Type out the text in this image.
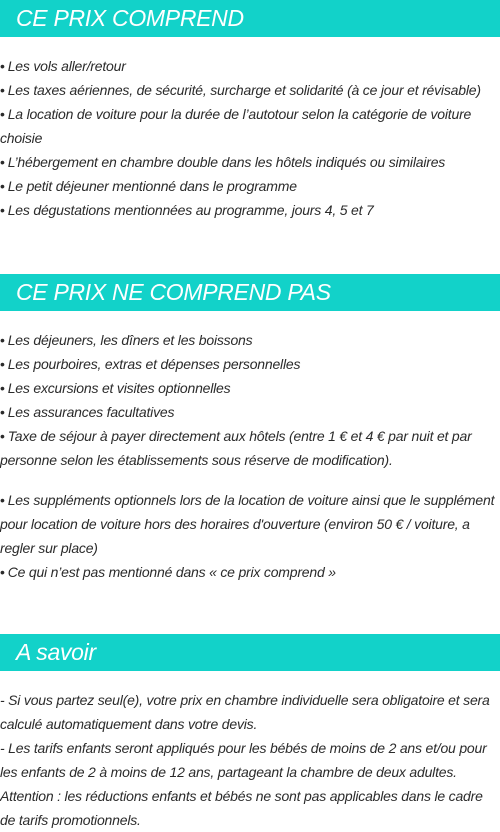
CE PRIX COMPREND
• Les vols aller/retour
• Les taxes aériennes, de sécurité, surcharge et solidarité (à ce jour et révisable)
• La location de voiture pour la durée de l’autotour selon la catégorie de voiture choisie
• L’hébergement en chambre double dans les hôtels indiqués ou similaires
• Le petit déjeuner mentionné dans le programme
• Les dégustations mentionnées au programme, jours 4, 5 et 7
CE PRIX NE COMPREND PAS
• Les déjeuners, les dîners et les boissons
• Les pourboires, extras et dépenses personnelles
• Les excursions et visites optionnelles
• Les assurances facultatives
• Taxe de séjour à payer directement aux hôtels (entre 1 € et 4 € par nuit et par personne selon les établissements sous réserve de modification).
• Les suppléments optionnels lors de la location de voiture ainsi que le supplément pour location de voiture hors des horaires d'ouverture (environ 50 € / voiture, a regler sur place)
• Ce qui n’est pas mentionné dans « ce prix comprend »
A savoir
- Si vous partez seul(e), votre prix en chambre individuelle sera obligatoire et sera calculé automatiquement dans votre devis.
- Les tarifs enfants seront appliqués pour les bébés de moins de 2 ans et/ou pour les enfants de 2 à moins de 12 ans, partageant la chambre de deux adultes. Attention : les réductions enfants et bébés ne sont pas applicables dans le cadre de tarifs promotionnels.
